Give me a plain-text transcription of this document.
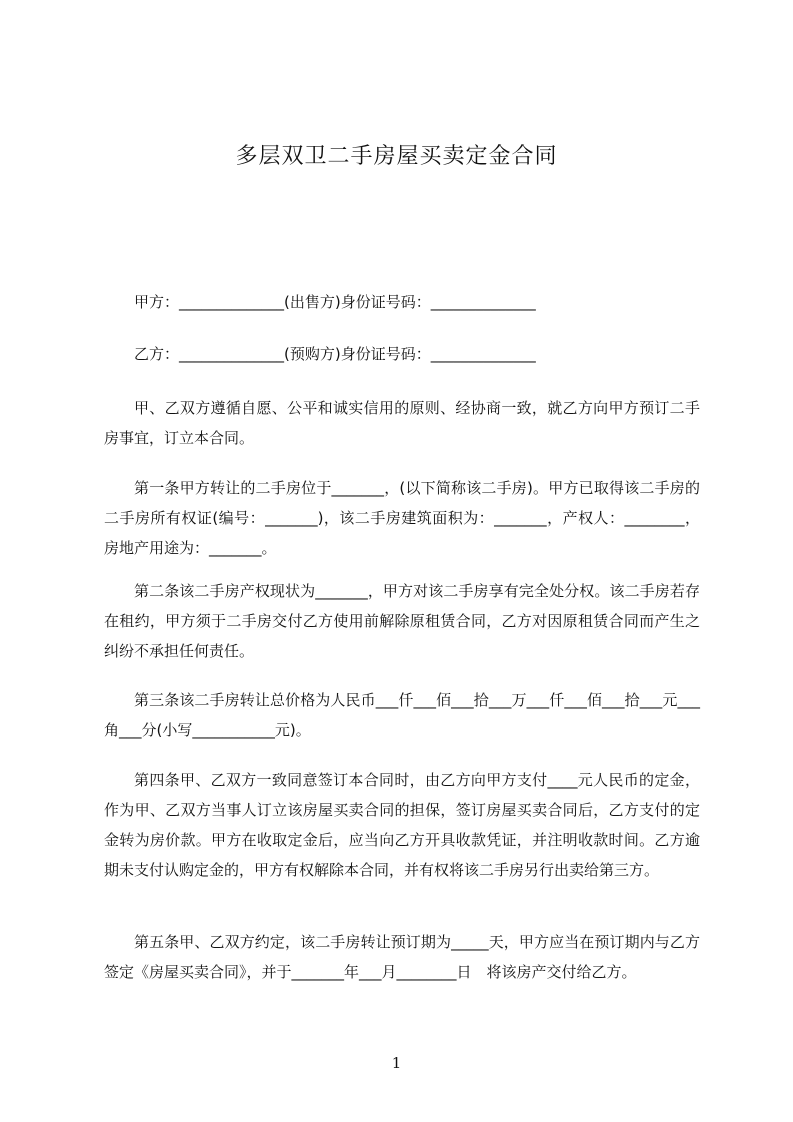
多层双卫二手房屋买卖定金合同

甲方：______________(出售方)身份证号码：______________

乙方：______________(预购方)身份证号码：______________

甲、乙双方遵循自愿、公平和诚实信用的原则、经协商一致，就乙方向甲方预订二手房事宜，订立本合同。

第一条甲方转让的二手房位于_______，(以下简称该二手房)。甲方已取得该二手房的二手房所有权证(编号：_______)，该二手房建筑面积为：_______，产权人：________，房地产用途为：_______。

第二条该二手房产权现状为_______，甲方对该二手房享有完全处分权。该二手房若存在租约，甲方须于二手房交付乙方使用前解除原租赁合同，乙方对因原租赁合同而产生之纠纷不承担任何责任。

第三条该二手房转让总价格为人民币___仟___佰___拾___万___仟___佰___拾___元___角___分(小写___________元)。

第四条甲、乙双方一致同意签订本合同时，由乙方向甲方支付____元人民币的定金，作为甲、乙双方当事人订立该房屋买卖合同的担保，签订房屋买卖合同后，乙方支付的定金转为房价款。甲方在收取定金后，应当向乙方开具收款凭证，并注明收款时间。乙方逾期未支付认购定金的，甲方有权解除本合同，并有权将该二手房另行出卖给第三方。

第五条甲、乙双方约定，该二手房转让预订期为_____天，甲方应当在预订期内与乙方签定《房屋买卖合同》，并于_______年___月________日　将该房产交付给乙方。

1
